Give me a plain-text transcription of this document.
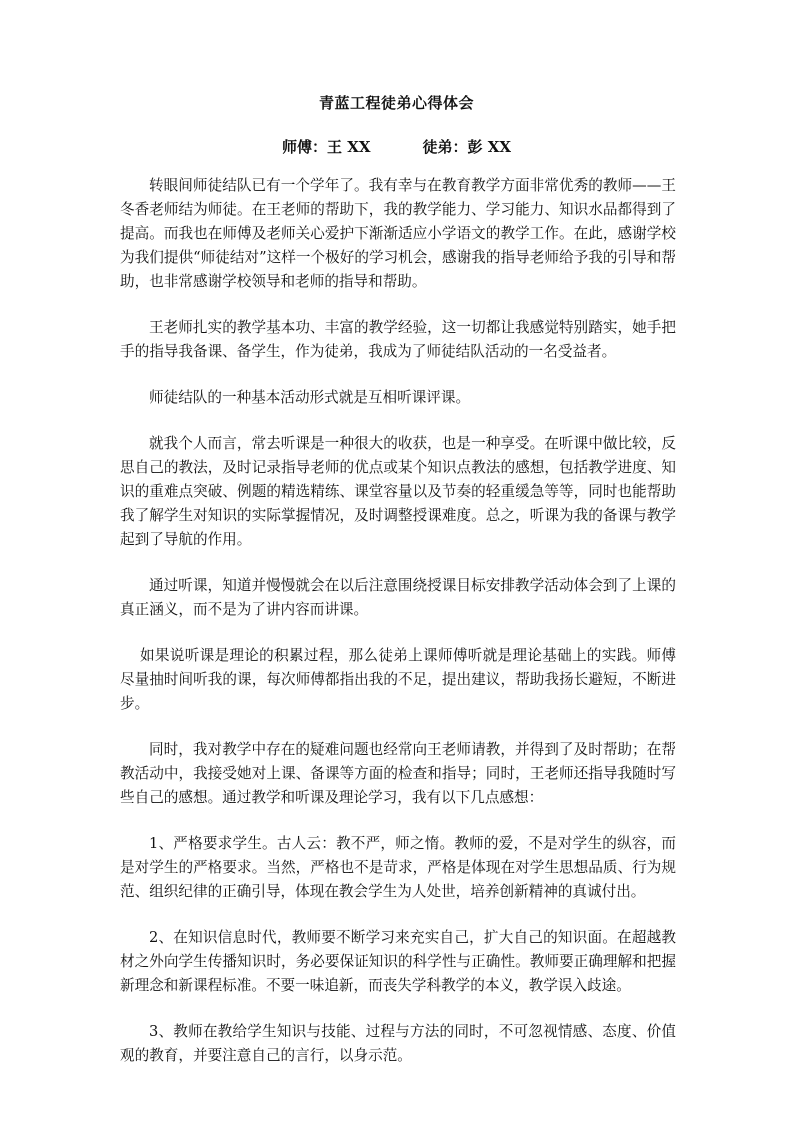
青蓝工程徒弟心得体会
师傅：王 XX	徒弟：彭 XX

转眼间师徒结队已有一个学年了。我有幸与在教育教学方面非常优秀的教师——王冬香老师结为师徒。在王老师的帮助下，我的教学能力、学习能力、知识水品都得到了提高。而我也在师傅及老师关心爱护下渐渐适应小学语文的教学工作。在此，感谢学校为我们提供“师徒结对”这样一个极好的学习机会，感谢我的指导老师给予我的引导和帮助，也非常感谢学校领导和老师的指导和帮助。

王老师扎实的教学基本功、丰富的教学经验，这一切都让我感觉特别踏实，她手把手的指导我备课、备学生，作为徒弟，我成为了师徒结队活动的一名受益者。

师徒结队的一种基本活动形式就是互相听课评课。

就我个人而言，常去听课是一种很大的收获，也是一种享受。在听课中做比较，反思自己的教法，及时记录指导老师的优点或某个知识点教法的感想，包括教学进度、知识的重难点突破、例题的精选精练、课堂容量以及节奏的轻重缓急等等，同时也能帮助我了解学生对知识的实际掌握情况，及时调整授课难度。总之，听课为我的备课与教学起到了导航的作用。

通过听课，知道并慢慢就会在以后注意围绕授课目标安排教学活动体会到了上课的真正涵义，而不是为了讲内容而讲课。

如果说听课是理论的积累过程，那么徒弟上课师傅听就是理论基础上的实践。师傅尽量抽时间听我的课，每次师傅都指出我的不足，提出建议，帮助我扬长避短，不断进步。

同时，我对教学中存在的疑难问题也经常向王老师请教，并得到了及时帮助；在帮教活动中，我接受她对上课、备课等方面的检查和指导；同时，王老师还指导我随时写些自己的感想。通过教学和听课及理论学习，我有以下几点感想：

1、严格要求学生。古人云：教不严，师之惰。教师的爱，不是对学生的纵容，而是对学生的严格要求。当然，严格也不是苛求，严格是体现在对学生思想品质、行为规范、组织纪律的正确引导，体现在教会学生为人处世，培养创新精神的真诚付出。

2、在知识信息时代，教师要不断学习来充实自己，扩大自己的知识面。在超越教材之外向学生传播知识时，务必要保证知识的科学性与正确性。教师要正确理解和把握新理念和新课程标准。不要一味追新，而丧失学科教学的本义，教学误入歧途。

3、教师在教给学生知识与技能、过程与方法的同时，不可忽视情感、态度、价值观的教育，并要注意自己的言行，以身示范。
